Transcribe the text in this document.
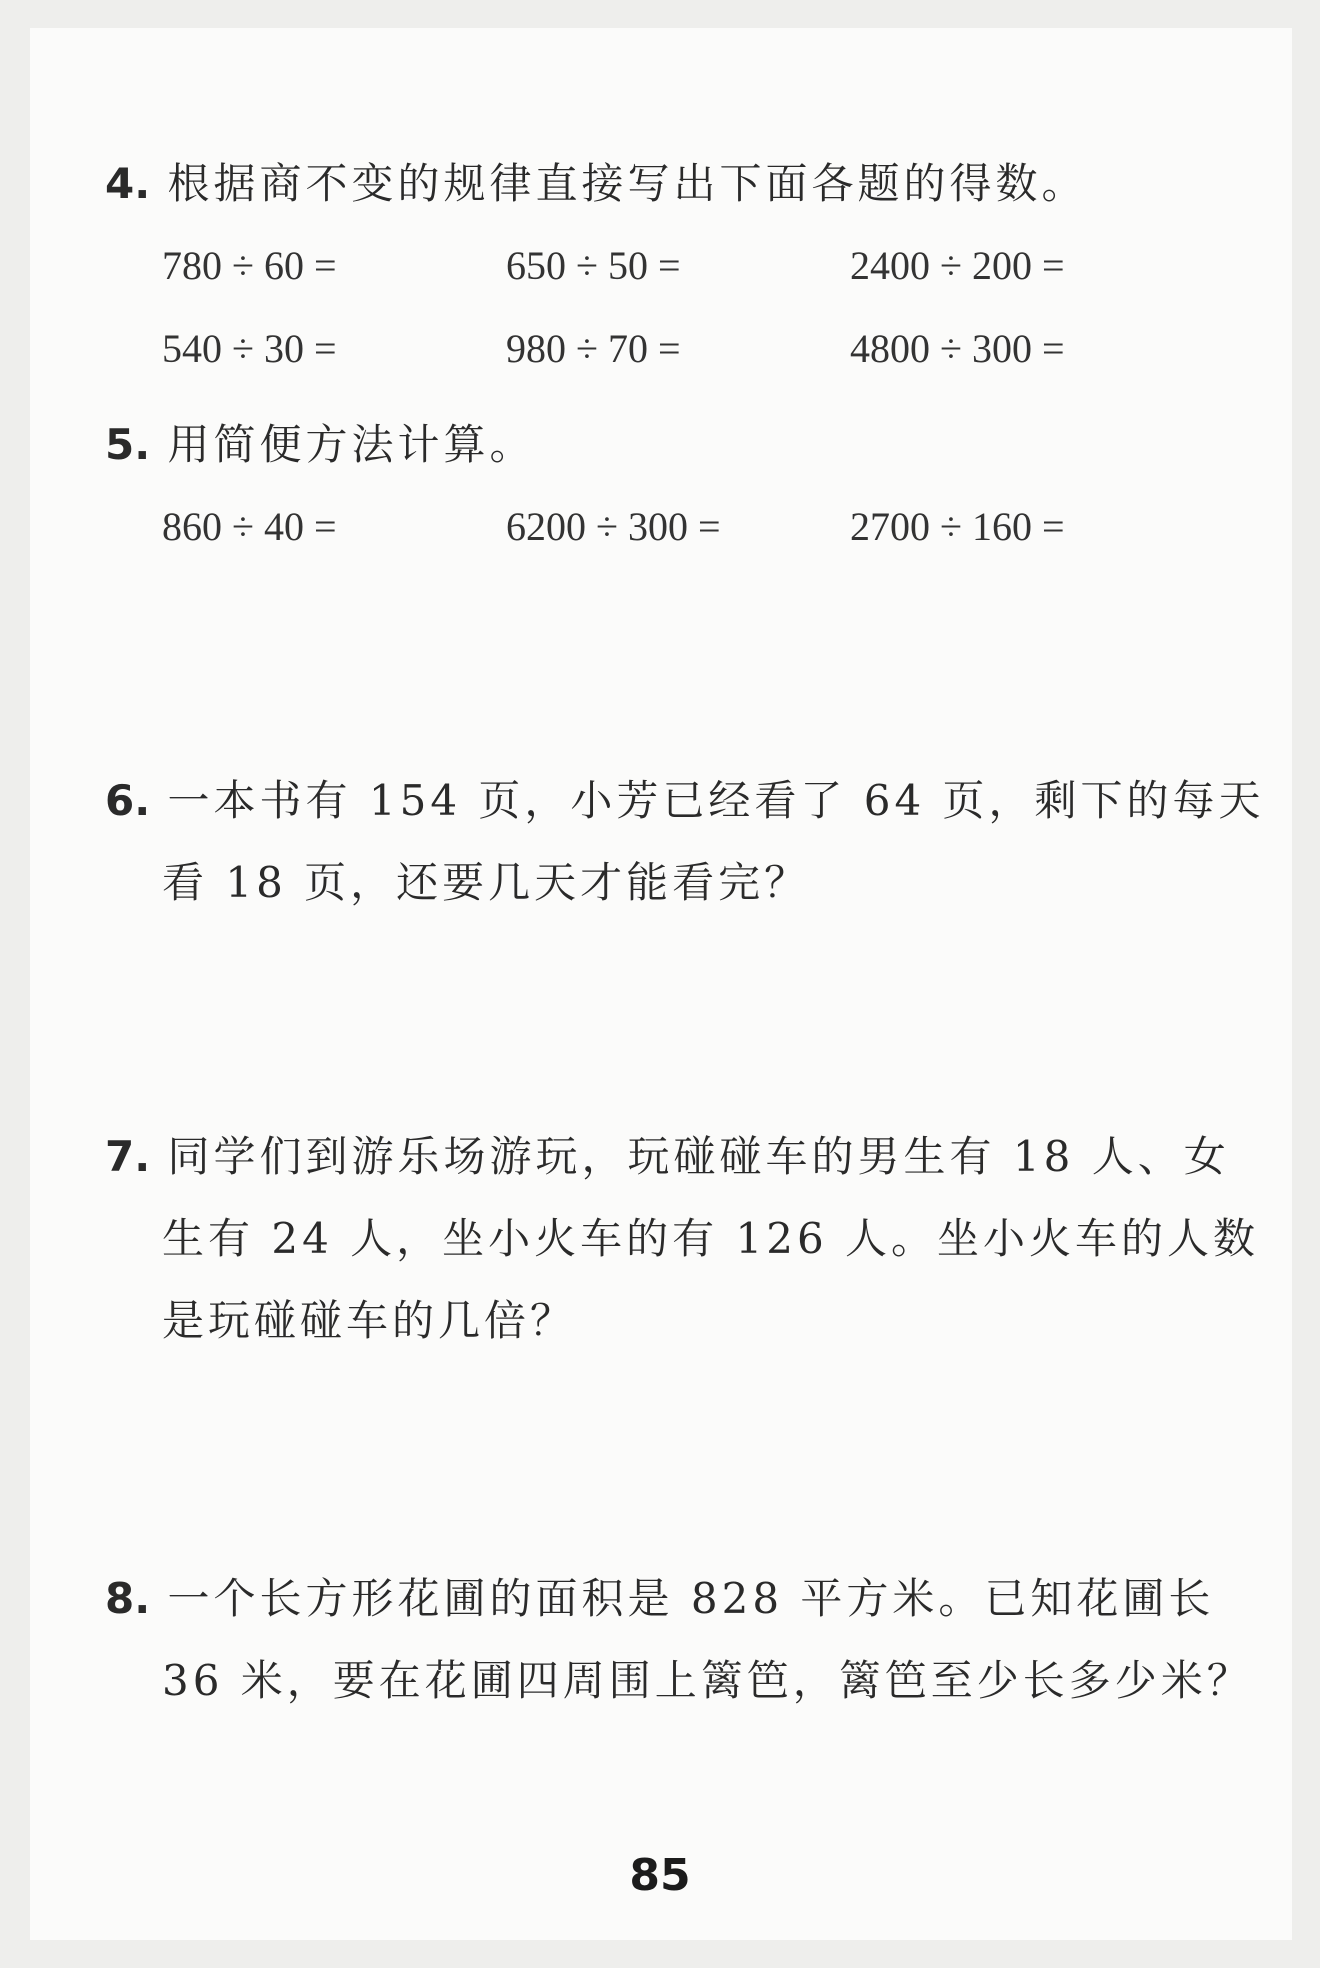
4. 根据商不变的规律直接写出下面各题的得数。
780 ÷ 60 =	650 ÷ 50 =	2400 ÷ 200 =
540 ÷ 30 =	980 ÷ 70 =	4800 ÷ 300 =
5. 用简便方法计算。
860 ÷ 40 =	6200 ÷ 300 =	2700 ÷ 160 =
6. 一本书有 154 页，小芳已经看了 64 页，剩下的每天
看 18 页，还要几天才能看完？
7. 同学们到游乐场游玩，玩碰碰车的男生有 18 人、女
生有 24 人，坐小火车的有 126 人。坐小火车的人数
是玩碰碰车的几倍？
8. 一个长方形花圃的面积是 828 平方米。已知花圃长
36 米，要在花圃四周围上篱笆，篱笆至少长多少米？
85
